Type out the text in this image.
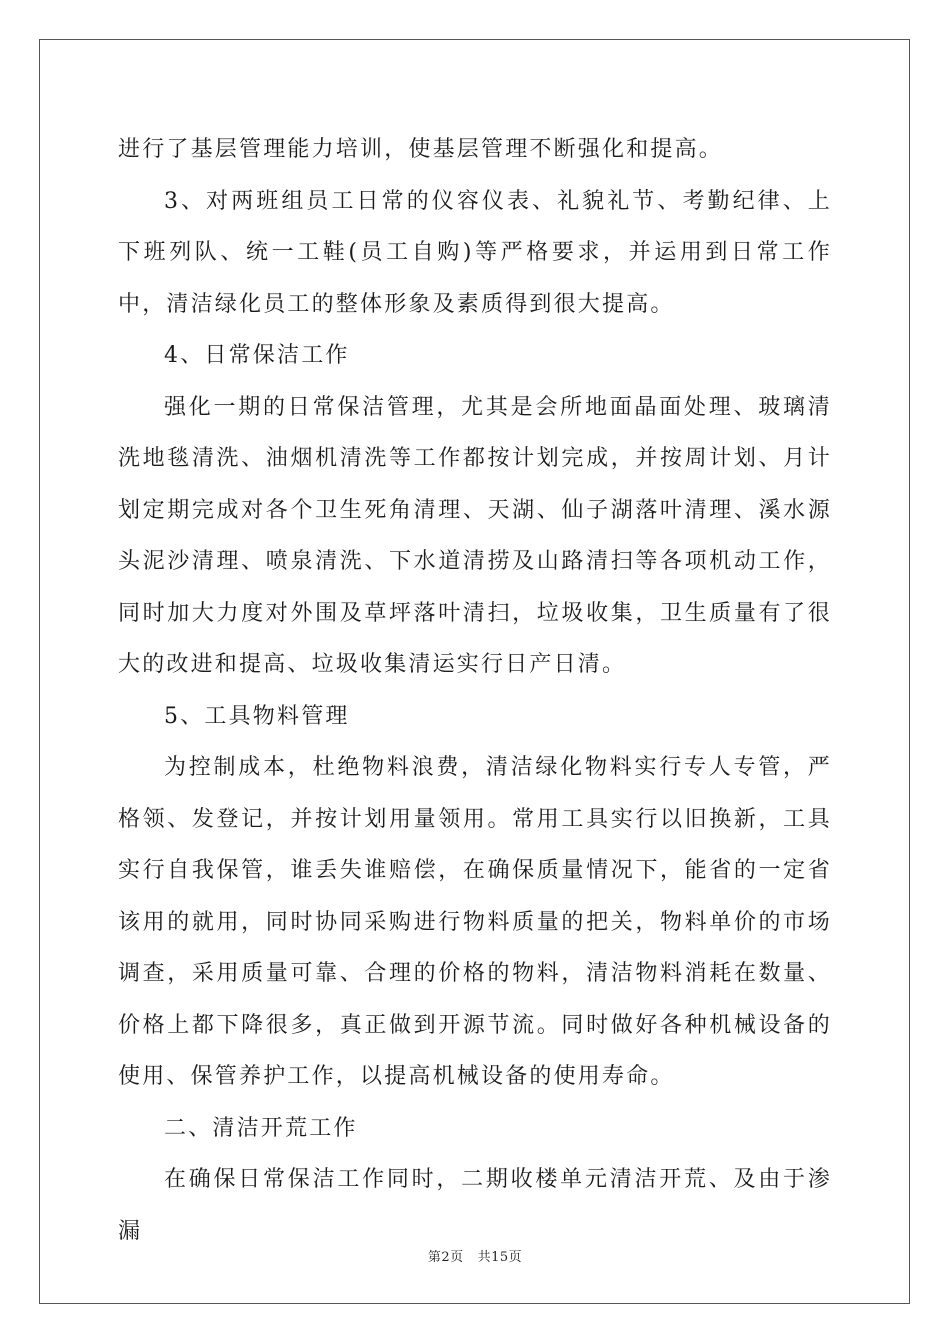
进行了基层管理能力培训，使基层管理不断强化和提高。

3、对两班组员工日常的仪容仪表、礼貌礼节、考勤纪律、上下班列队、统一工鞋(员工自购)等严格要求，并运用到日常工作中，清洁绿化员工的整体形象及素质得到很大提高。

4、日常保洁工作

强化一期的日常保洁管理，尤其是会所地面晶面处理、玻璃清洗地毯清洗、油烟机清洗等工作都按计划完成，并按周计划、月计划定期完成对各个卫生死角清理、天湖、仙子湖落叶清理、溪水源头泥沙清理、喷泉清洗、下水道清捞及山路清扫等各项机动工作，同时加大力度对外围及草坪落叶清扫，垃圾收集，卫生质量有了很大的改进和提高、垃圾收集清运实行日产日清。

5、工具物料管理

为控制成本，杜绝物料浪费，清洁绿化物料实行专人专管，严格领、发登记，并按计划用量领用。常用工具实行以旧换新，工具实行自我保管，谁丢失谁赔偿，在确保质量情况下，能省的一定省该用的就用，同时协同采购进行物料质量的把关，物料单价的市场调查，采用质量可靠、合理的价格的物料，清洁物料消耗在数量、价格上都下降很多，真正做到开源节流。同时做好各种机械设备的使用、保管养护工作，以提高机械设备的使用寿命。

二、清洁开荒工作

在确保日常保洁工作同时，二期收楼单元清洁开荒、及由于渗漏

第2页 共15页
